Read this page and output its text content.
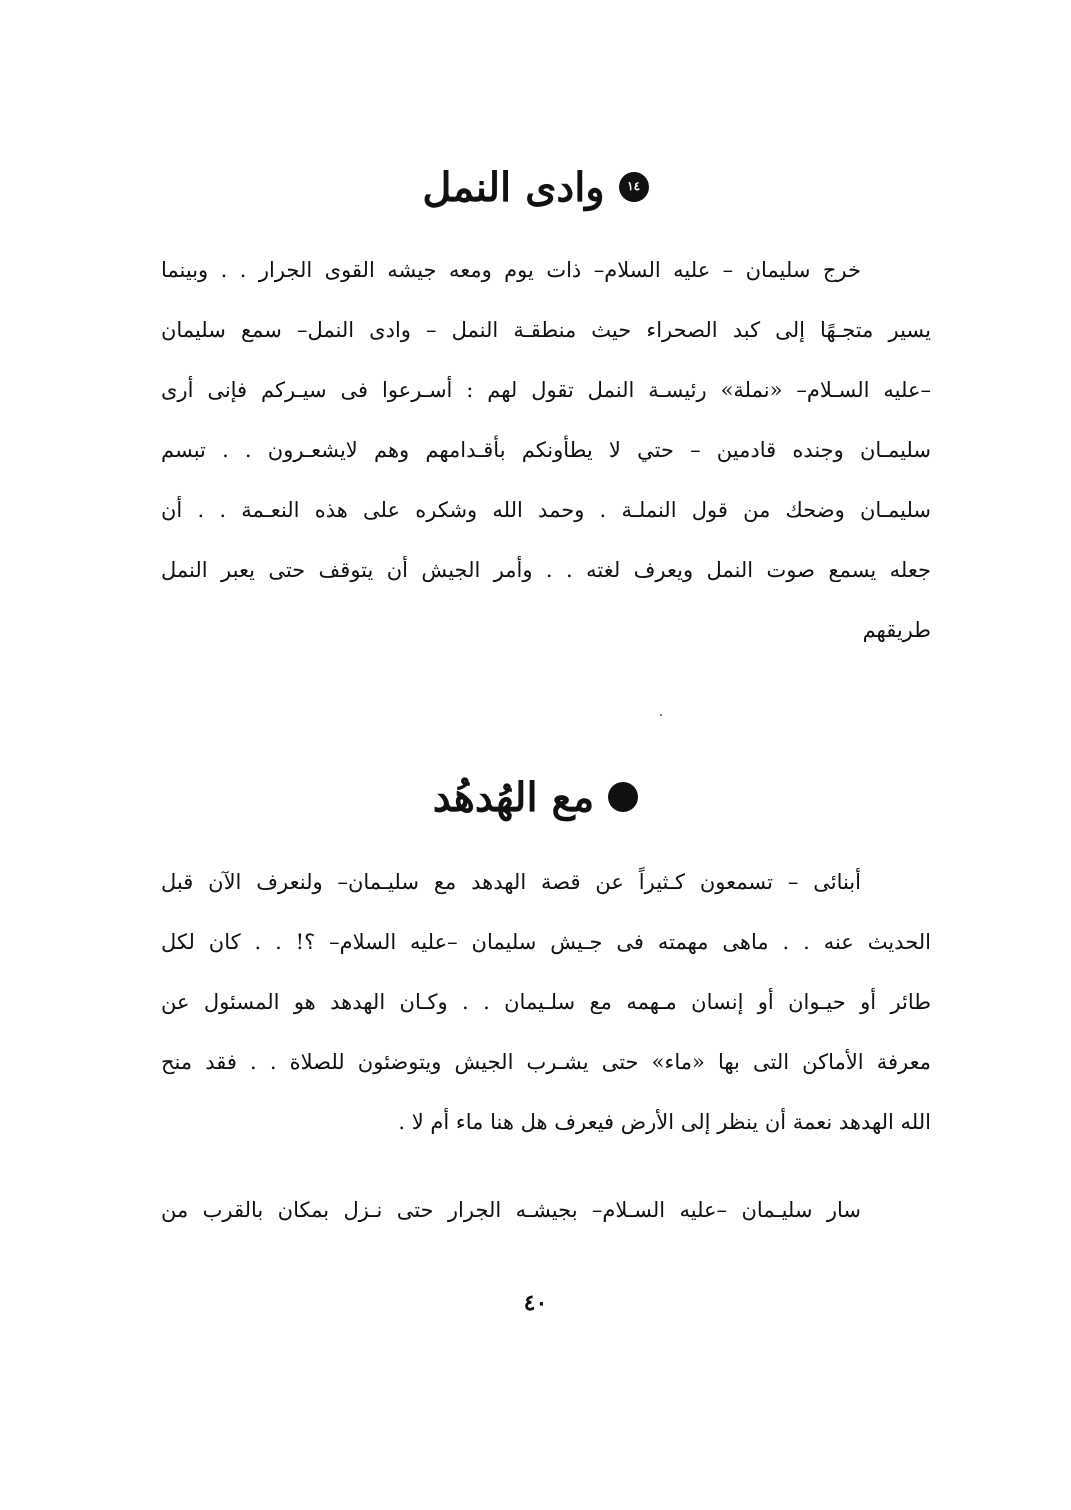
١٤
وادى النمل
خرج سليمان – عليه السلام– ذات يوم ومعه جيشه القوى الجرار . . وبينما
يسير متجـهًا إلى كبد الصحراء حيث منطقـة النمل – وادى النمل– سمع سليمان
–عليه السـلام– «نملة» رئيسـة النمل تقول لهم : أسـرعوا فى سيـركم فإنى أرى
سليمـان وجنده قادمين – حتي لا يطأونكم بأقـدامهم وهم لايشعـرون . . تبسم
سليمـان وضحك من قول النملـة . وحمد الله وشكره على هذه النعـمة . . أن
جعله يسمع صوت النمل ويعرف لغته . . وأمر الجيش أن يتوقف حتى يعبر النمل
طريقهم
مع الهُدهُد
أبنائى – تسمعون كـثيراً عن قصة الهدهد مع سليـمان– ولنعرف الآن قبل
الحديث عنه . . ماهى مهمته فى جـيش سليمان –عليه السلام– ؟! . . كان لكل
طائر أو حيـوان أو إنسان مـهمه مع سلـيمان . . وكـان الهدهد هو المسئول عن
معرفة الأماكن التى بها «ماء» حتى يشـرب الجيش ويتوضئون للصلاة . . فقد منح
الله الهدهد نعمة أن ينظر إلى الأرض فيعرف هل هنا ماء أم لا .
سار سليـمان –عليه السـلام– بجيشـه الجرار حتى نـزل بمكان بالقرب من
٤٠
